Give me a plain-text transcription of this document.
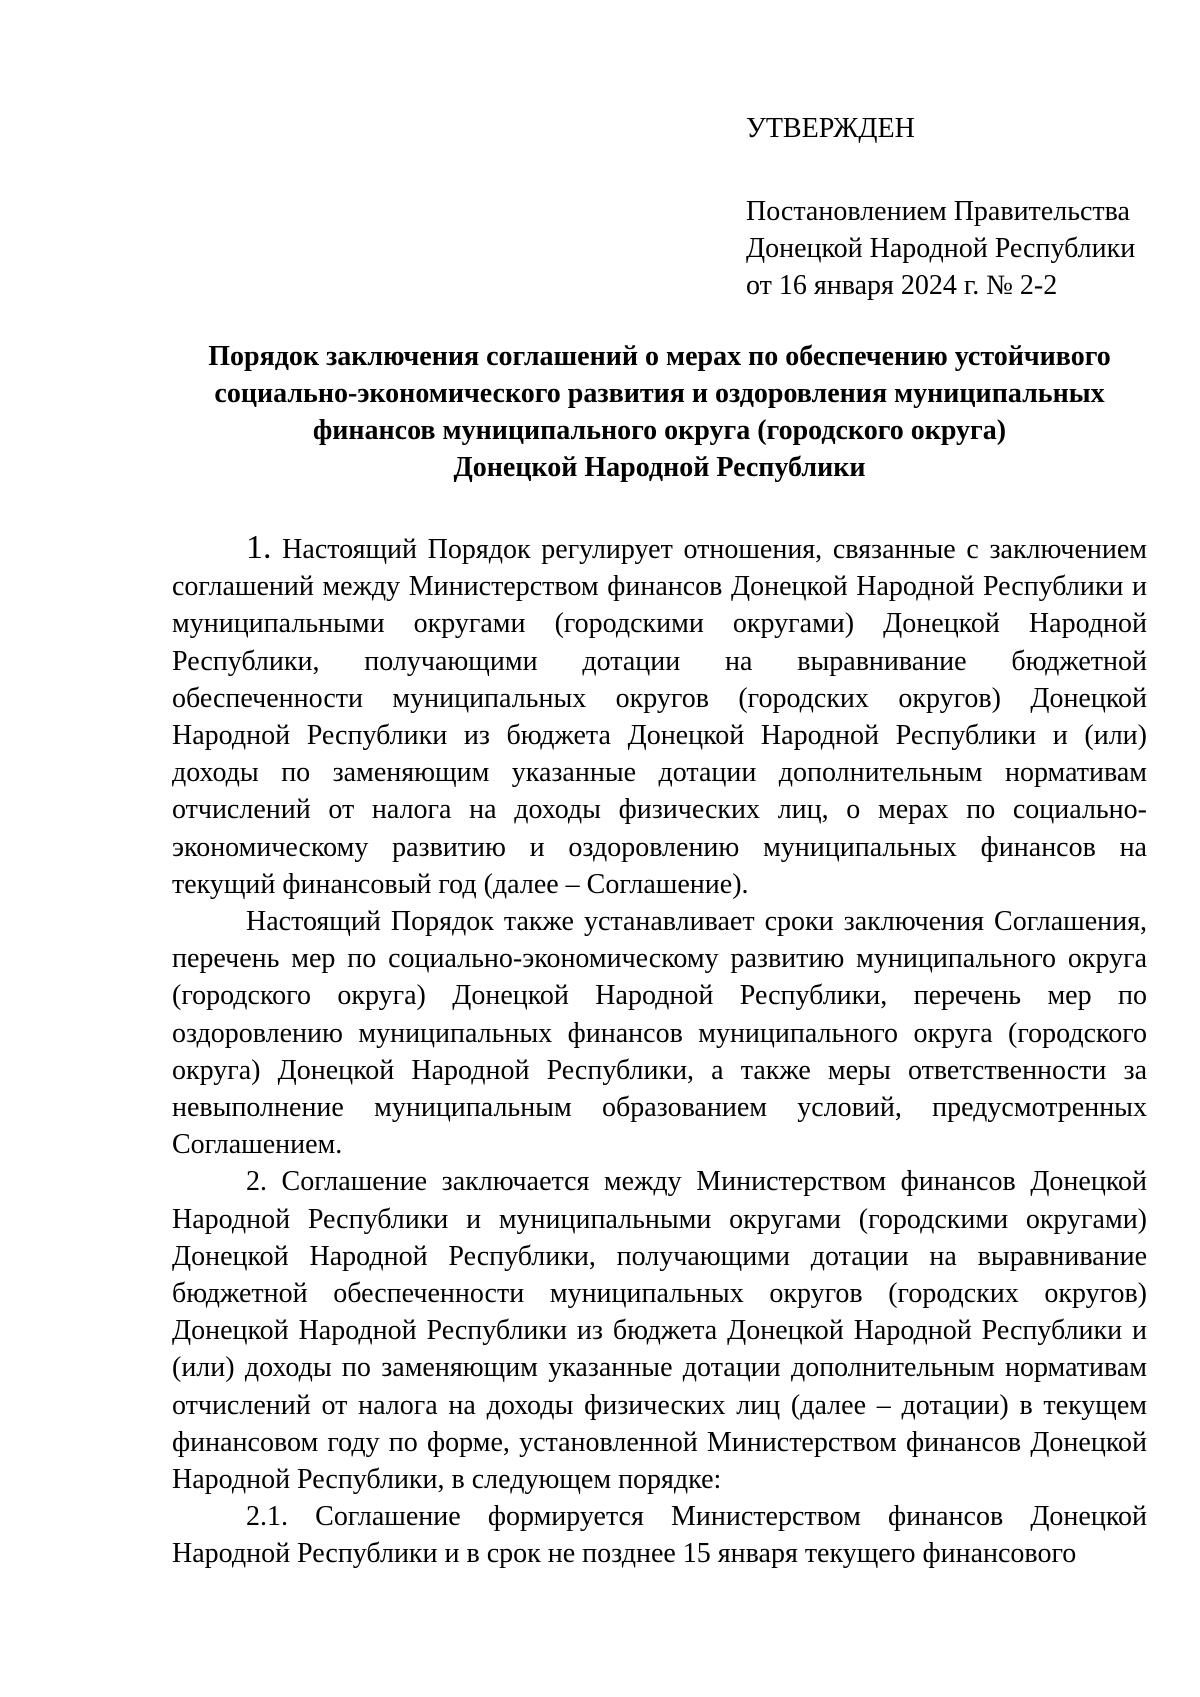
УТВЕРЖДЕН
Постановлением Правительства
Донецкой Народной Республики
от 16 января 2024 г. № 2-2
Порядок заключения соглашений о мерах по обеспечению устойчивого
социально-экономического развития и оздоровления муниципальных
финансов муниципального округа (городского округа)
Донецкой Народной Республики

1. Настоящий Порядок регулирует отношения, связанные с заключением соглашений между Министерством финансов Донецкой Народной Республики и муниципальными округами (городскими округами) Донецкой Народной Республики, получающими дотации на выравнивание бюджетной обеспеченности муниципальных округов (городских округов) Донецкой Народной Республики из бюджета Донецкой Народной Республики и (или) доходы по заменяющим указанные дотации дополнительным нормативам отчислений от налога на доходы физических лиц, о мерах по социально-экономическому развитию и оздоровлению муниципальных финансов на текущий финансовый год (далее – Соглашение).

Настоящий Порядок также устанавливает сроки заключения Соглашения, перечень мер по социально-экономическому развитию муниципального округа (городского округа) Донецкой Народной Республики, перечень мер по оздоровлению муниципальных финансов муниципального округа (городского округа) Донецкой Народной Республики, а также меры ответственности за невыполнение муниципальным образованием условий, предусмотренных Соглашением.

2. Соглашение заключается между Министерством финансов Донецкой Народной Республики и муниципальными округами (городскими округами) Донецкой Народной Республики, получающими дотации на выравнивание бюджетной обеспеченности муниципальных округов (городских округов) Донецкой Народной Республики из бюджета Донецкой Народной Республики и (или) доходы по заменяющим указанные дотации дополнительным нормативам отчислений от налога на доходы физических лиц (далее – дотации) в текущем финансовом году по форме, установленной Министерством финансов Донецкой Народной Республики, в следующем порядке:

2.1. Соглашение формируется Министерством финансов Донецкой Народной Республики и в срок не позднее 15 января текущего финансового
